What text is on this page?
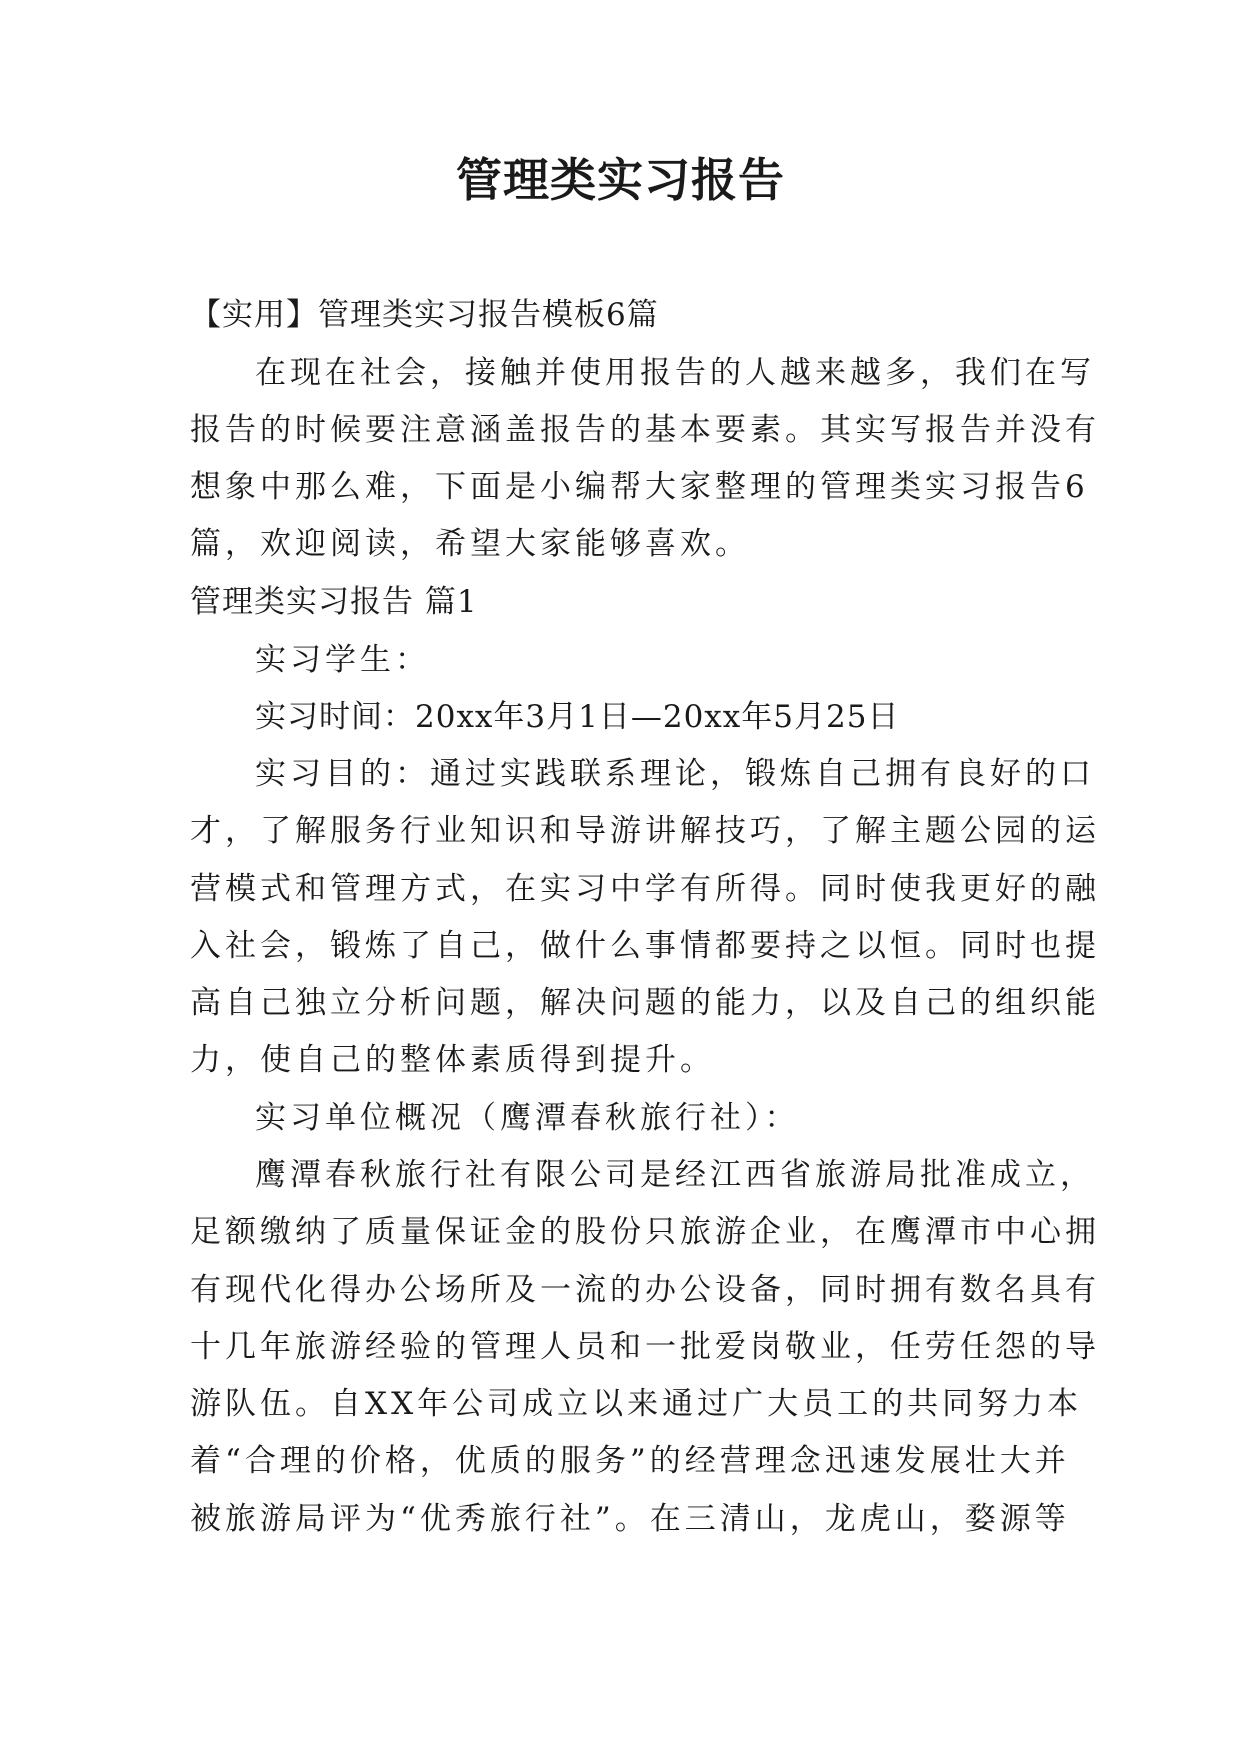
管理类实习报告

【实用】管理类实习报告模板6篇

在现在社会，接触并使用报告的人越来越多，我们在写

报告的时候要注意涵盖报告的基本要素。其实写报告并没有

想象中那么难，下面是小编帮大家整理的管理类实习报告6

篇，欢迎阅读，希望大家能够喜欢。

管理类实习报告 篇1

实习学生：

实习时间：20xx年3月1日—20xx年5月25日

实习目的：通过实践联系理论，锻炼自己拥有良好的口

才，了解服务行业知识和导游讲解技巧，了解主题公园的运

营模式和管理方式，在实习中学有所得。同时使我更好的融

入社会，锻炼了自己，做什么事情都要持之以恒。同时也提

高自己独立分析问题，解决问题的能力，以及自己的组织能

力，使自己的整体素质得到提升。

实习单位概况（鹰潭春秋旅行社）：

鹰潭春秋旅行社有限公司是经江西省旅游局批准成立，

足额缴纳了质量保证金的股份只旅游企业，在鹰潭市中心拥

有现代化得办公场所及一流的办公设备，同时拥有数名具有

十几年旅游经验的管理人员和一批爱岗敬业，任劳任怨的导

游队伍。自XX年公司成立以来通过广大员工的共同努力本

着“合理的价格，优质的服务”的经营理念迅速发展壮大并

被旅游局评为“优秀旅行社”。在三清山，龙虎山，婺源等
